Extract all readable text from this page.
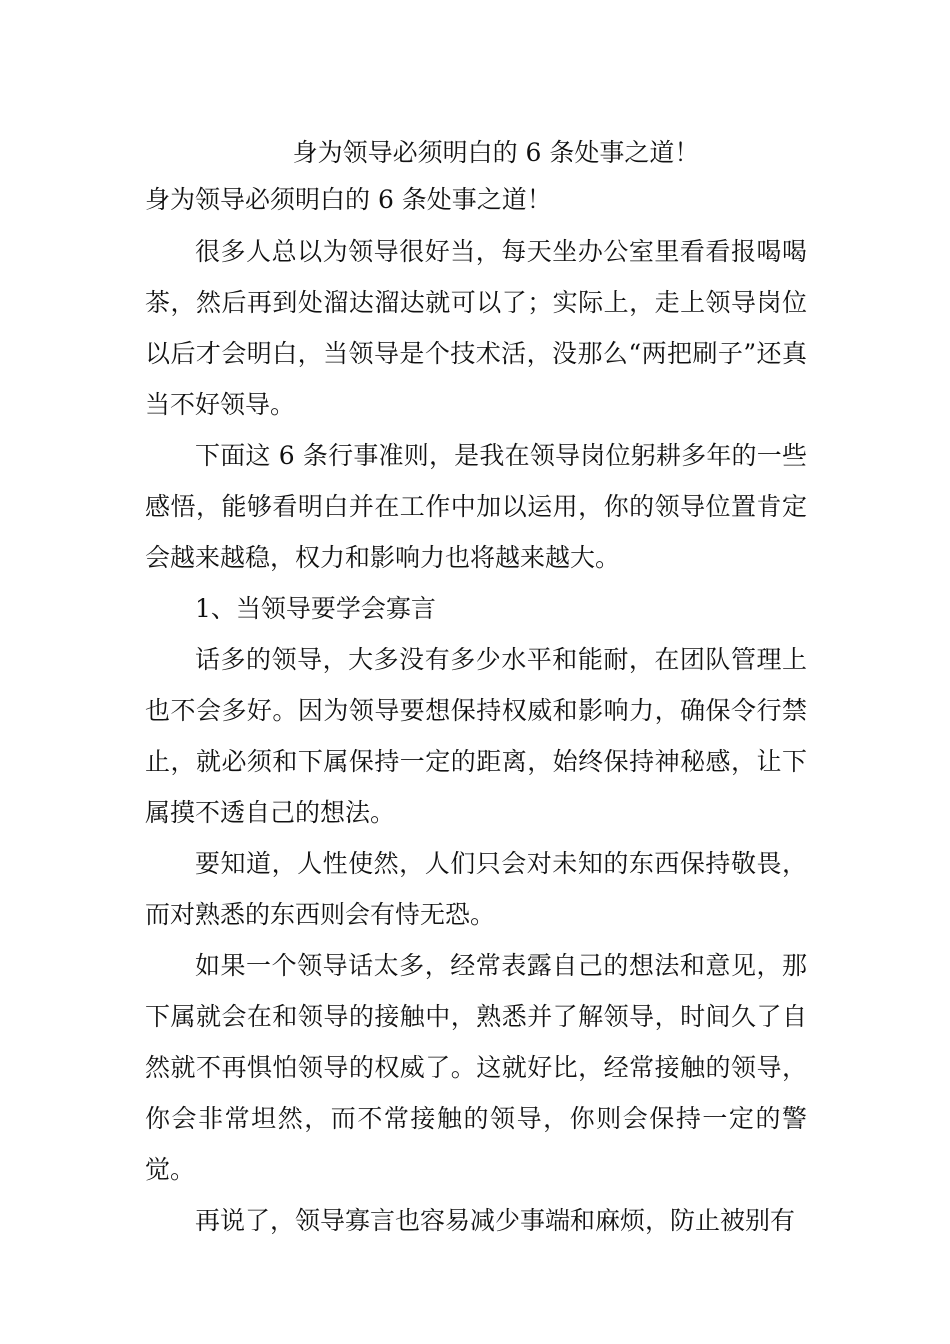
身为领导必须明白的 6 条处事之道！

身为领导必须明白的 6 条处事之道！

很多人总以为领导很好当，每天坐办公室里看看报喝喝茶，然后再到处溜达溜达就可以了；实际上，走上领导岗位以后才会明白，当领导是个技术活，没那么“两把刷子”还真当不好领导。

下面这 6 条行事准则，是我在领导岗位躬耕多年的一些感悟，能够看明白并在工作中加以运用，你的领导位置肯定会越来越稳，权力和影响力也将越来越大。

1、当领导要学会寡言

话多的领导，大多没有多少水平和能耐，在团队管理上也不会多好。因为领导要想保持权威和影响力，确保令行禁止，就必须和下属保持一定的距离，始终保持神秘感，让下属摸不透自己的想法。

要知道，人性使然，人们只会对未知的东西保持敬畏，而对熟悉的东西则会有恃无恐。

如果一个领导话太多，经常表露自己的想法和意见，那下属就会在和领导的接触中，熟悉并了解领导，时间久了自然就不再惧怕领导的权威了。这就好比，经常接触的领导，你会非常坦然，而不常接触的领导，你则会保持一定的警觉。

再说了，领导寡言也容易减少事端和麻烦，防止被别有
